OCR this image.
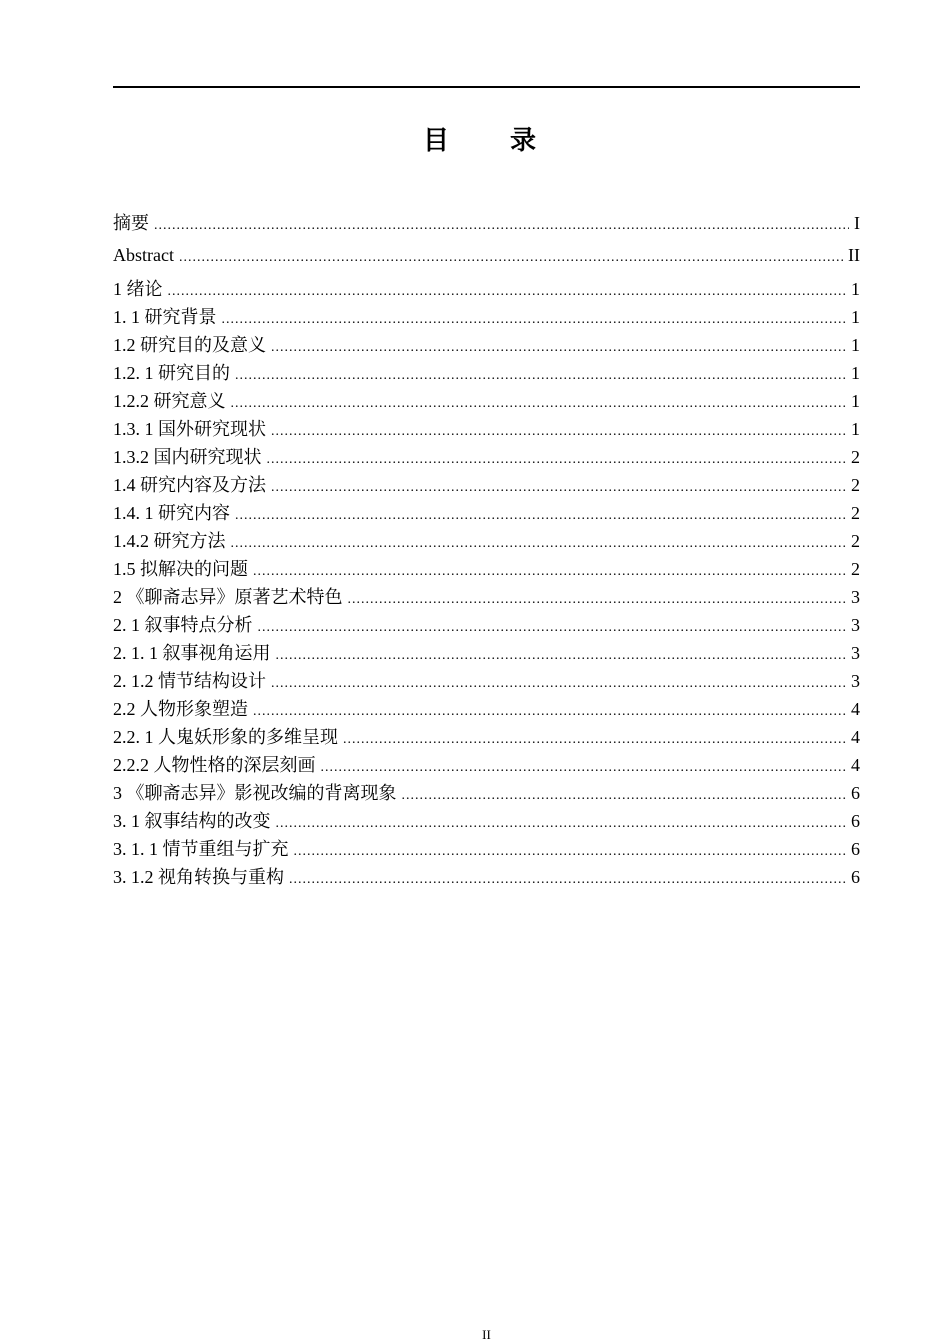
目 录
摘要 .....	I
Abstract .....	II
1 绪论 .....	1
1. 1 研究背景 .....	1
1.2 研究目的及意义 .....	1
1.2. 1 研究目的 .....	1
1.2.2 研究意义 .....	1
1.3. 1 国外研究现状 .....	1
1.3.2 国内研究现状 .....	2
1.4 研究内容及方法 .....	2
1.4. 1 研究内容 .....	2
1.4.2 研究方法 .....	2
1.5 拟解决的问题 .....	2
2 《聊斋志异》原著艺术特色 .....	3
2. 1 叙事特点分析 .....	3
2. 1. 1 叙事视角运用 .....	3
2. 1.2 情节结构设计 .....	3
2.2 人物形象塑造 .....	4
2.2. 1 人鬼妖形象的多维呈现 .....	4
2.2.2 人物性格的深层刻画 .....	4
3 《聊斋志异》影视改编的背离现象 .....	6
3. 1 叙事结构的改变 .....	6
3. 1. 1 情节重组与扩充 .....	6
3. 1.2 视角转换与重构 .....	6
II
